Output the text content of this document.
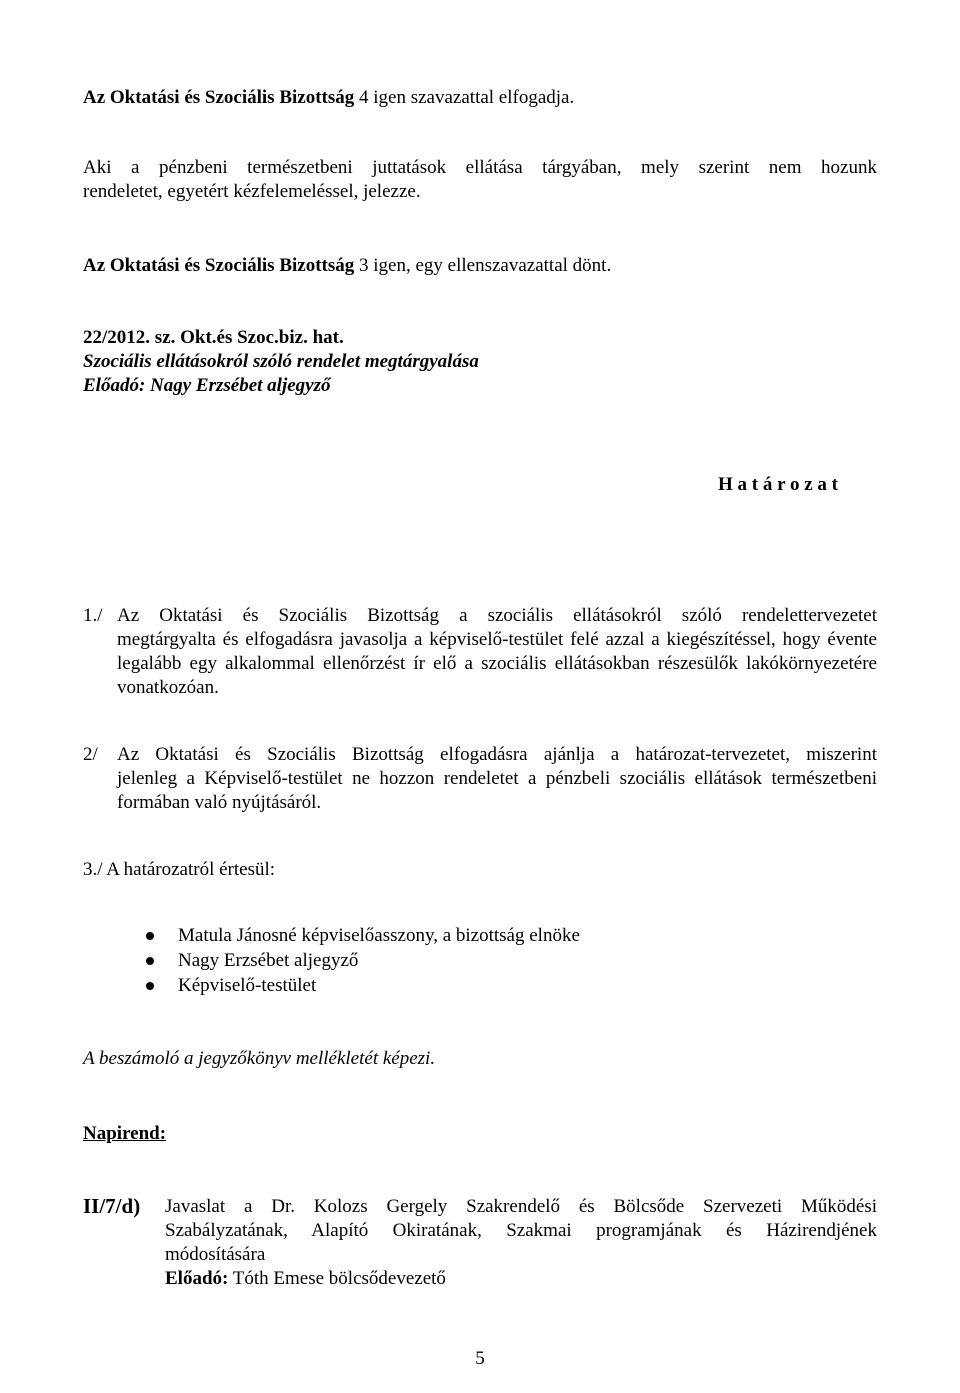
Az Oktatási és Szociális Bizottság 4 igen szavazattal elfogadja.
Aki a pénzbeni természetbeni juttatások ellátása tárgyában, mely szerint nem hozunk
rendeletet, egyetért kézfelemeléssel, jelezze.
Az Oktatási és Szociális Bizottság 3 igen, egy ellenszavazattal dönt.
22/2012. sz. Okt.és Szoc.biz. hat.
Szociális ellátásokról szóló rendelet megtárgyalása
Előadó: Nagy Erzsébet aljegyző
H a t á r o z a t
1./ Az Oktatási és Szociális Bizottság a szociális ellátásokról szóló rendelettervezetet
megtárgyalta és elfogadásra javasolja a képviselő-testület felé azzal a kiegészítéssel, hogy évente legalább egy alkalommal ellenőrzést ír elő a szociális ellátásokban részesülők lakókörnyezetére vonatkozóan.
2/ Az Oktatási és Szociális Bizottság elfogadásra ajánlja a határozat-tervezetet, miszerint
jelenleg a Képviselő-testület ne hozzon rendeletet a pénzbeli szociális ellátások természetbeni formában való nyújtásáról.
3./ A határozatról értesül:
Matula Jánosné képviselőasszony, a bizottság elnöke
Nagy Erzsébet aljegyző
Képviselő-testület
A beszámoló a jegyzőkönyv mellékletét képezi.
Napirend:
II/7/d) Javaslat a Dr. Kolozs Gergely Szakrendelő és Bölcsőde Szervezeti Működési
Szabályzatának, Alapító Okiratának, Szakmai programjának és Házirendjének
módosítására
Előadó: Tóth Emese bölcsődevezető
5
